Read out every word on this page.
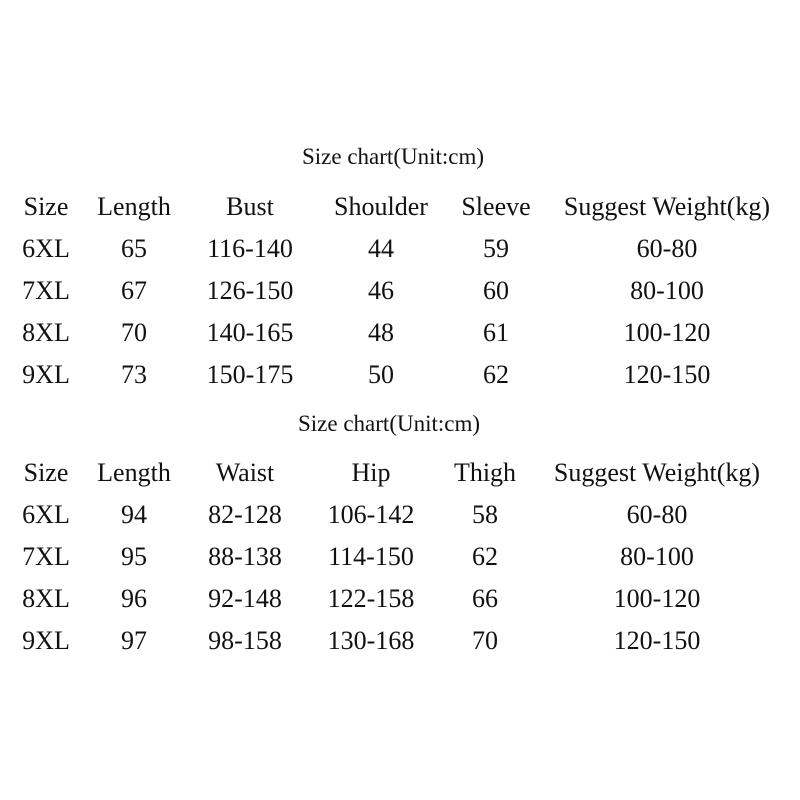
Size chart(Unit:cm)
Size Length Bust Shoulder Sleeve Suggest Weight(kg)
6XL 65 116-140	44	59	60-80
7XL 67 126-150	46	60	80-100
8XL 70 140-165	48	61	100-120
9XL 73 150-175	50	62	120-150
Size chart(Unit:cm)
Size Length Waist	Hip Thigh Suggest Weight(kg)
6XL 94 82-128 106-142 58	60-80
7XL 95 88-138 114-150 62	80-100
8XL 96 92-148 122-158 66	100-120
9XL 97 98-158 130-168 70	120-150
